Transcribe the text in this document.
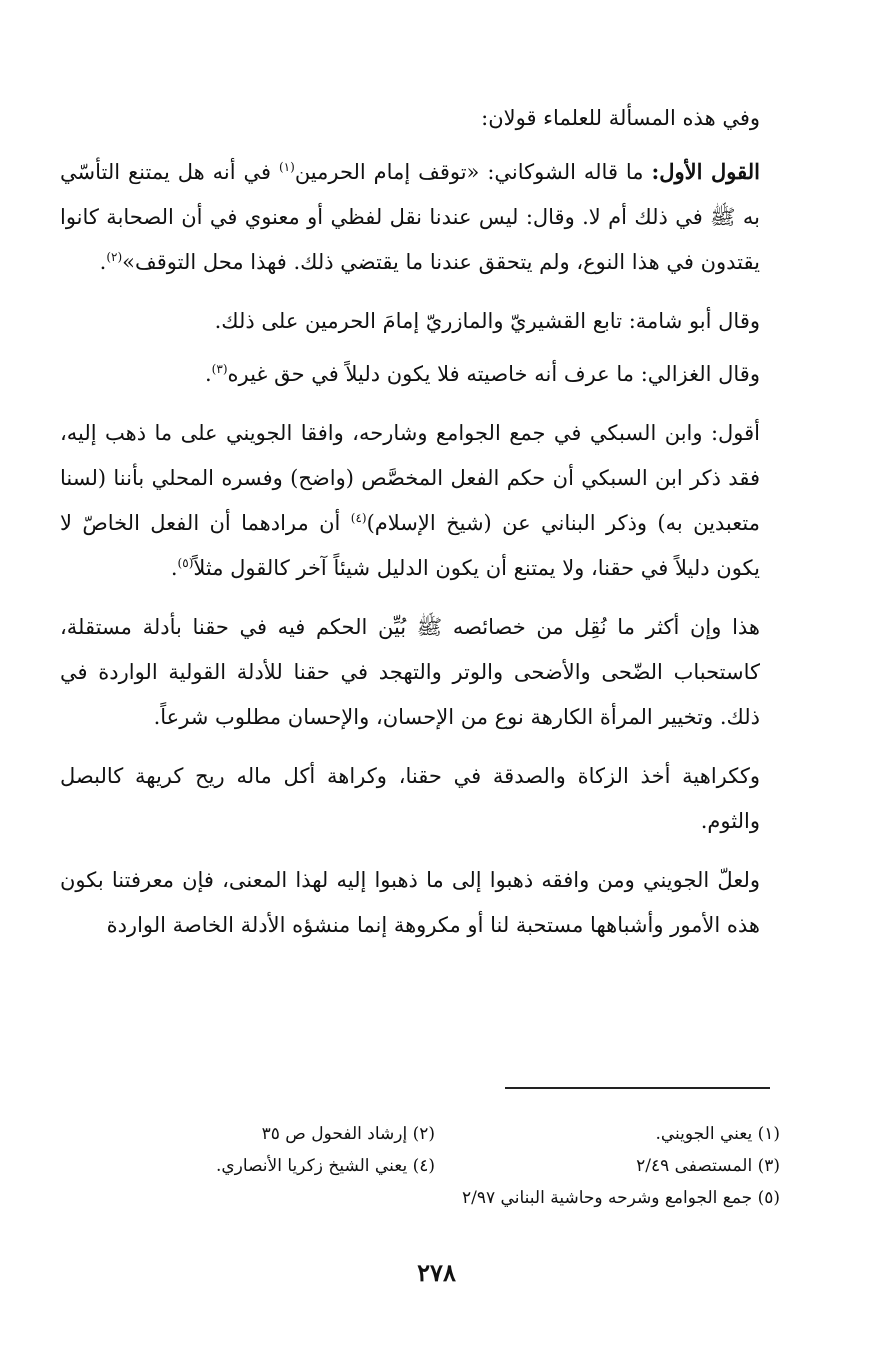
وفي هذه المسألة للعلماء قولان:

القول الأول: ما قاله الشوكاني: «توقف إمام الحرمين$^{(١)}$ في أنه هل يمتنع التأسّي به ﷺ في ذلك أم لا. وقال: ليس عندنا نقل لفظي أو معنوي في أن الصحابة كانوا يقتدون في هذا النوع، ولم يتحقق عندنا ما يقتضي ذلك. فهذا محل التوقف»$^{(٢)}$.

وقال أبو شامة: تابع القشيريّ والمازريّ إمامَ الحرمين على ذلك.

وقال الغزالي: ما عرف أنه خاصيته فلا يكون دليلاً في حق غيره$^{(٣)}$.

أقول: وابن السبكي في جمع الجوامع وشارحه، وافقا الجويني على ما ذهب إليه، فقد ذكر ابن السبكي أن حكم الفعل المخصَّص (واضح) وفسره المحلي بأننا (لسنا متعبدين به) وذكر البناني عن (شيخ الإسلام)$^{(٤)}$ أن مرادهما أن الفعل الخاصّ لا يكون دليلاً في حقنا، ولا يمتنع أن يكون الدليل شيئاً آخر كالقول مثلاً$^{(٥)}$.

هذا وإن أكثر ما نُقِل من خصائصه ﷺ بُيِّن الحكم فيه في حقنا بأدلة مستقلة، كاستحباب الضّحى والأضحى والوتر والتهجد في حقنا للأدلة القولية الواردة في ذلك. وتخيير المرأة الكارهة نوع من الإحسان، والإحسان مطلوب شرعاً.

وككراهية أخذ الزكاة والصدقة في حقنا، وكراهة أكل ماله ريح كريهة كالبصل والثوم.

ولعلّ الجويني ومن وافقه ذهبوا إلى ما ذهبوا إليه لهذا المعنى، فإن معرفتنا بكون هذه الأمور وأشباهها مستحبة لنا أو مكروهة إنما منشؤه الأدلة الخاصة الواردة

(١) يعني الجويني.
(٢) إرشاد الفحول ص ٣٥
(٣) المستصفى ٢/٤٩
(٤) يعني الشيخ زكريا الأنصاري.
(٥) جمع الجوامع وشرحه وحاشية البناني ٢/٩٧
٢٧٨
